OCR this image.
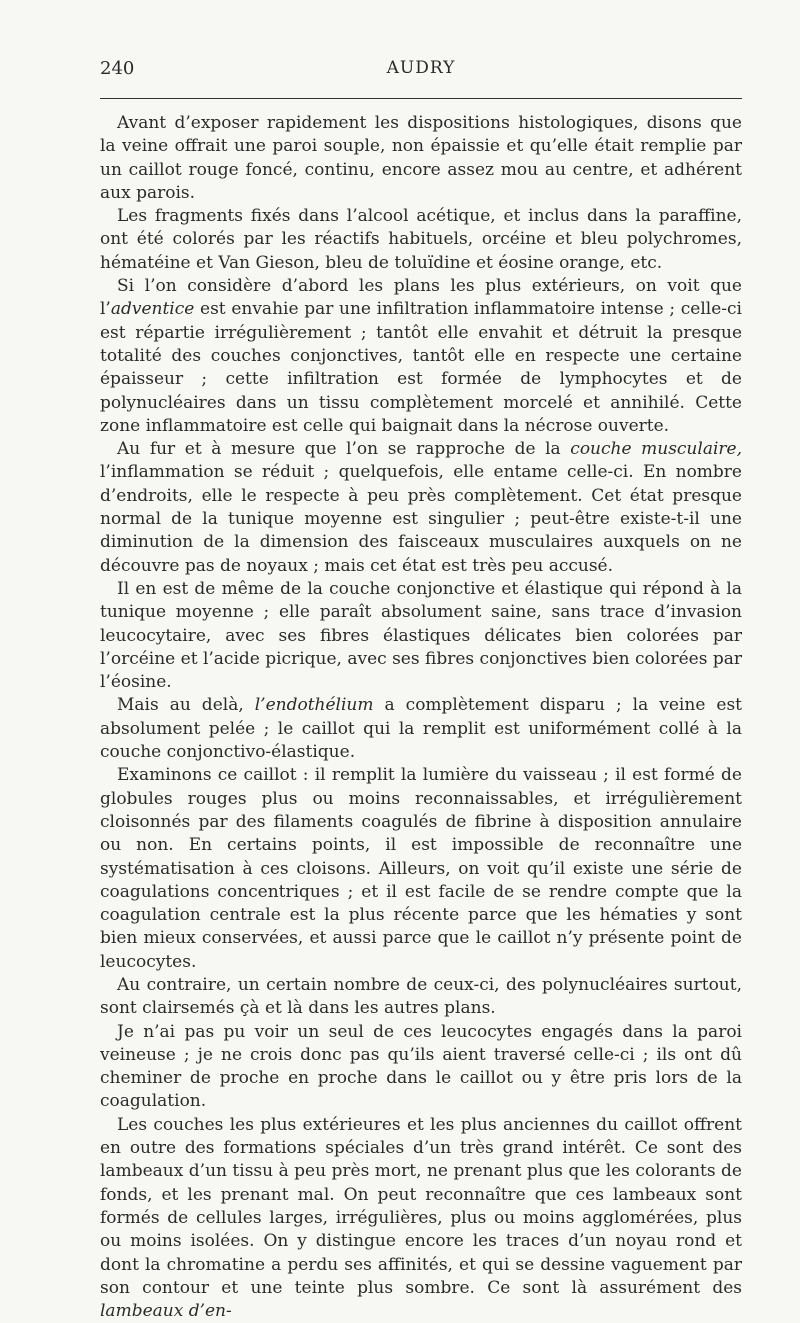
240	AUDRY

Avant d’exposer rapidement les dispositions histologiques, disons que la veine offrait une paroi souple, non épaissie et qu’elle était remplie par un caillot rouge foncé, continu, encore assez mou au centre, et adhérent aux parois.

Les fragments fixés dans l’alcool acétique, et inclus dans la paraffine, ont été colorés par les réactifs habituels, orcéine et bleu polychromes, hématéine et Van Gieson, bleu de toluïdine et éosine orange, etc.

Si l’on considère d’abord les plans les plus extérieurs, on voit que l’adventice est envahie par une infiltration inflammatoire intense ; celle-ci est répartie irrégulièrement ; tantôt elle envahit et détruit la presque totalité des couches conjonctives, tantôt elle en respecte une certaine épaisseur ; cette infiltration est formée de lymphocytes et de polynucléaires dans un tissu complètement morcelé et annihilé. Cette zone inflammatoire est celle qui baignait dans la nécrose ouverte.

Au fur et à mesure que l’on se rapproche de la couche musculaire, l’inflammation se réduit ; quelquefois, elle entame celle-ci. En nombre d’endroits, elle le respecte à peu près complètement. Cet état presque normal de la tunique moyenne est singulier ; peut-être existe-t-il une diminution de la dimension des faisceaux musculaires auxquels on ne découvre pas de noyaux ; mais cet état est très peu accusé.

Il en est de même de la couche conjonctive et élastique qui répond à la tunique moyenne ; elle paraît absolument saine, sans trace d’invasion leucocytaire, avec ses fibres élastiques délicates bien colorées par l’orcéine et l’acide picrique, avec ses fibres conjonctives bien colorées par l’éosine.

Mais au delà, l’endothélium a complètement disparu ; la veine est absolument pelée ; le caillot qui la remplit est uniformément collé à la couche conjonctivo-élastique.

Examinons ce caillot : il remplit la lumière du vaisseau ; il est formé de globules rouges plus ou moins reconnaissables, et irrégulièrement cloisonnés par des filaments coagulés de fibrine à disposition annulaire ou non. En certains points, il est impossible de reconnaître une systématisation à ces cloisons. Ailleurs, on voit qu’il existe une série de coagulations concentriques ; et il est facile de se rendre compte que la coagulation centrale est la plus récente parce que les hématies y sont bien mieux conservées, et aussi parce que le caillot n’y présente point de leucocytes.

Au contraire, un certain nombre de ceux-ci, des polynucléaires surtout, sont clairsemés çà et là dans les autres plans.

Je n’ai pas pu voir un seul de ces leucocytes engagés dans la paroi veineuse ; je ne crois donc pas qu’ils aient traversé celle-ci ; ils ont dû cheminer de proche en proche dans le caillot ou y être pris lors de la coagulation.

Les couches les plus extérieures et les plus anciennes du caillot offrent en outre des formations spéciales d’un très grand intérêt. Ce sont des lambeaux d’un tissu à peu près mort, ne prenant plus que les colorants de fonds, et les prenant mal. On peut reconnaître que ces lambeaux sont formés de cellules larges, irrégulières, plus ou moins agglomérées, plus ou moins isolées. On y distingue encore les traces d’un noyau rond et dont la chromatine a perdu ses affinités, et qui se dessine vaguement par son contour et une teinte plus sombre. Ce sont là assurément des lambeaux d’en-
